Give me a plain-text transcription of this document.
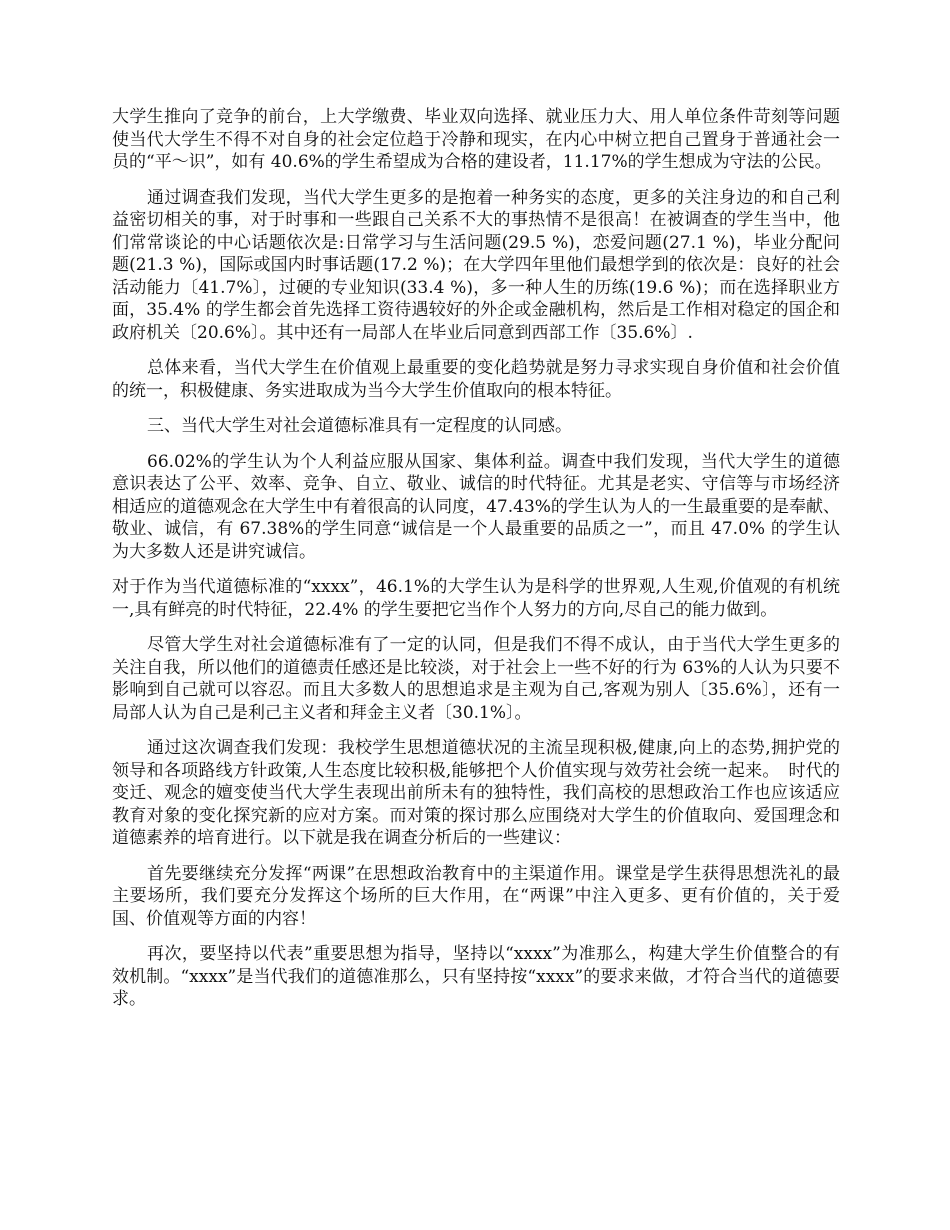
大学生推向了竞争的前台，上大学缴费、毕业双向选择、就业压力大、用人单位条件苛刻等问题使当代大学生不得不对自身的社会定位趋于冷静和现实，在内心中树立把自己置身于普通社会一员的“平～识”，如有 40.6%的学生希望成为合格的建设者，11.17%的学生想成为守法的公民。

通过调查我们发现，当代大学生更多的是抱着一种务实的态度，更多的关注身边的和自己利益密切相关的事，对于时事和一些跟自己关系不大的事热情不是很高！在被调查的学生当中，他们常常谈论的中心话题依次是:日常学习与生活问题(29.5 %)，恋爱问题(27.1 %)，毕业分配问题(21.3 %)，国际或国内时事话题(17.2 %)；在大学四年里他们最想学到的依次是：良好的社会活动能力〔41.7%〕，过硬的专业知识(33.4 %)，多一种人生的历练(19.6 %)；而在选择职业方面，35.4% 的学生都会首先选择工资待遇较好的外企或金融机构，然后是工作相对稳定的国企和政府机关〔20.6%〕。其中还有一局部人在毕业后同意到西部工作〔35.6%〕.

总体来看，当代大学生在价值观上最重要的变化趋势就是努力寻求实现自身价值和社会价值的统一，积极健康、务实进取成为当今大学生价值取向的根本特征。

三、当代大学生对社会道德标准具有一定程度的认同感。

66.02%的学生认为个人利益应服从国家、集体利益。调查中我们发现，当代大学生的道德意识表达了公平、效率、竞争、自立、敬业、诚信的时代特征。尤其是老实、守信等与市场经济相适应的道德观念在大学生中有着很高的认同度，47.43%的学生认为人的一生最重要的是奉献、敬业、诚信，有 67.38%的学生同意“诚信是一个人最重要的品质之一”，而且 47.0% 的学生认为大多数人还是讲究诚信。

对于作为当代道德标准的“xxxx”，46.1%的大学生认为是科学的世界观,人生观,价值观的有机统一,具有鲜亮的时代特征，22.4% 的学生要把它当作个人努力的方向,尽自己的能力做到。

尽管大学生对社会道德标准有了一定的认同，但是我们不得不成认，由于当代大学生更多的关注自我，所以他们的道德责任感还是比较淡，对于社会上一些不好的行为 63%的人认为只要不影响到自己就可以容忍。而且大多数人的思想追求是主观为自己,客观为别人〔35.6%〕，还有一局部人认为自己是利己主义者和拜金主义者〔30.1%〕。

通过这次调查我们发现：我校学生思想道德状况的主流呈现积极,健康,向上的态势,拥护党的领导和各项路线方针政策,人生态度比较积极,能够把个人价值实现与效劳社会统一起来。　时代的变迁、观念的嬗变使当代大学生表现出前所未有的独特性，我们高校的思想政治工作也应该适应教育对象的变化探究新的应对方案。而对策的探讨那么应围绕对大学生的价值取向、爱国理念和道德素养的培育进行。以下就是我在调查分析后的一些建议：

首先要继续充分发挥“两课”在思想政治教育中的主渠道作用。课堂是学生获得思想洗礼的最主要场所，我们要充分发挥这个场所的巨大作用，在“两课”中注入更多、更有价值的，关于爱国、价值观等方面的内容！

再次，要坚持以代表”重要思想为指导，坚持以“xxxx”为准那么，构建大学生价值整合的有效机制。“xxxx”是当代我们的道德准那么，只有坚持按“xxxx”的要求来做，才符合当代的道德要求。
